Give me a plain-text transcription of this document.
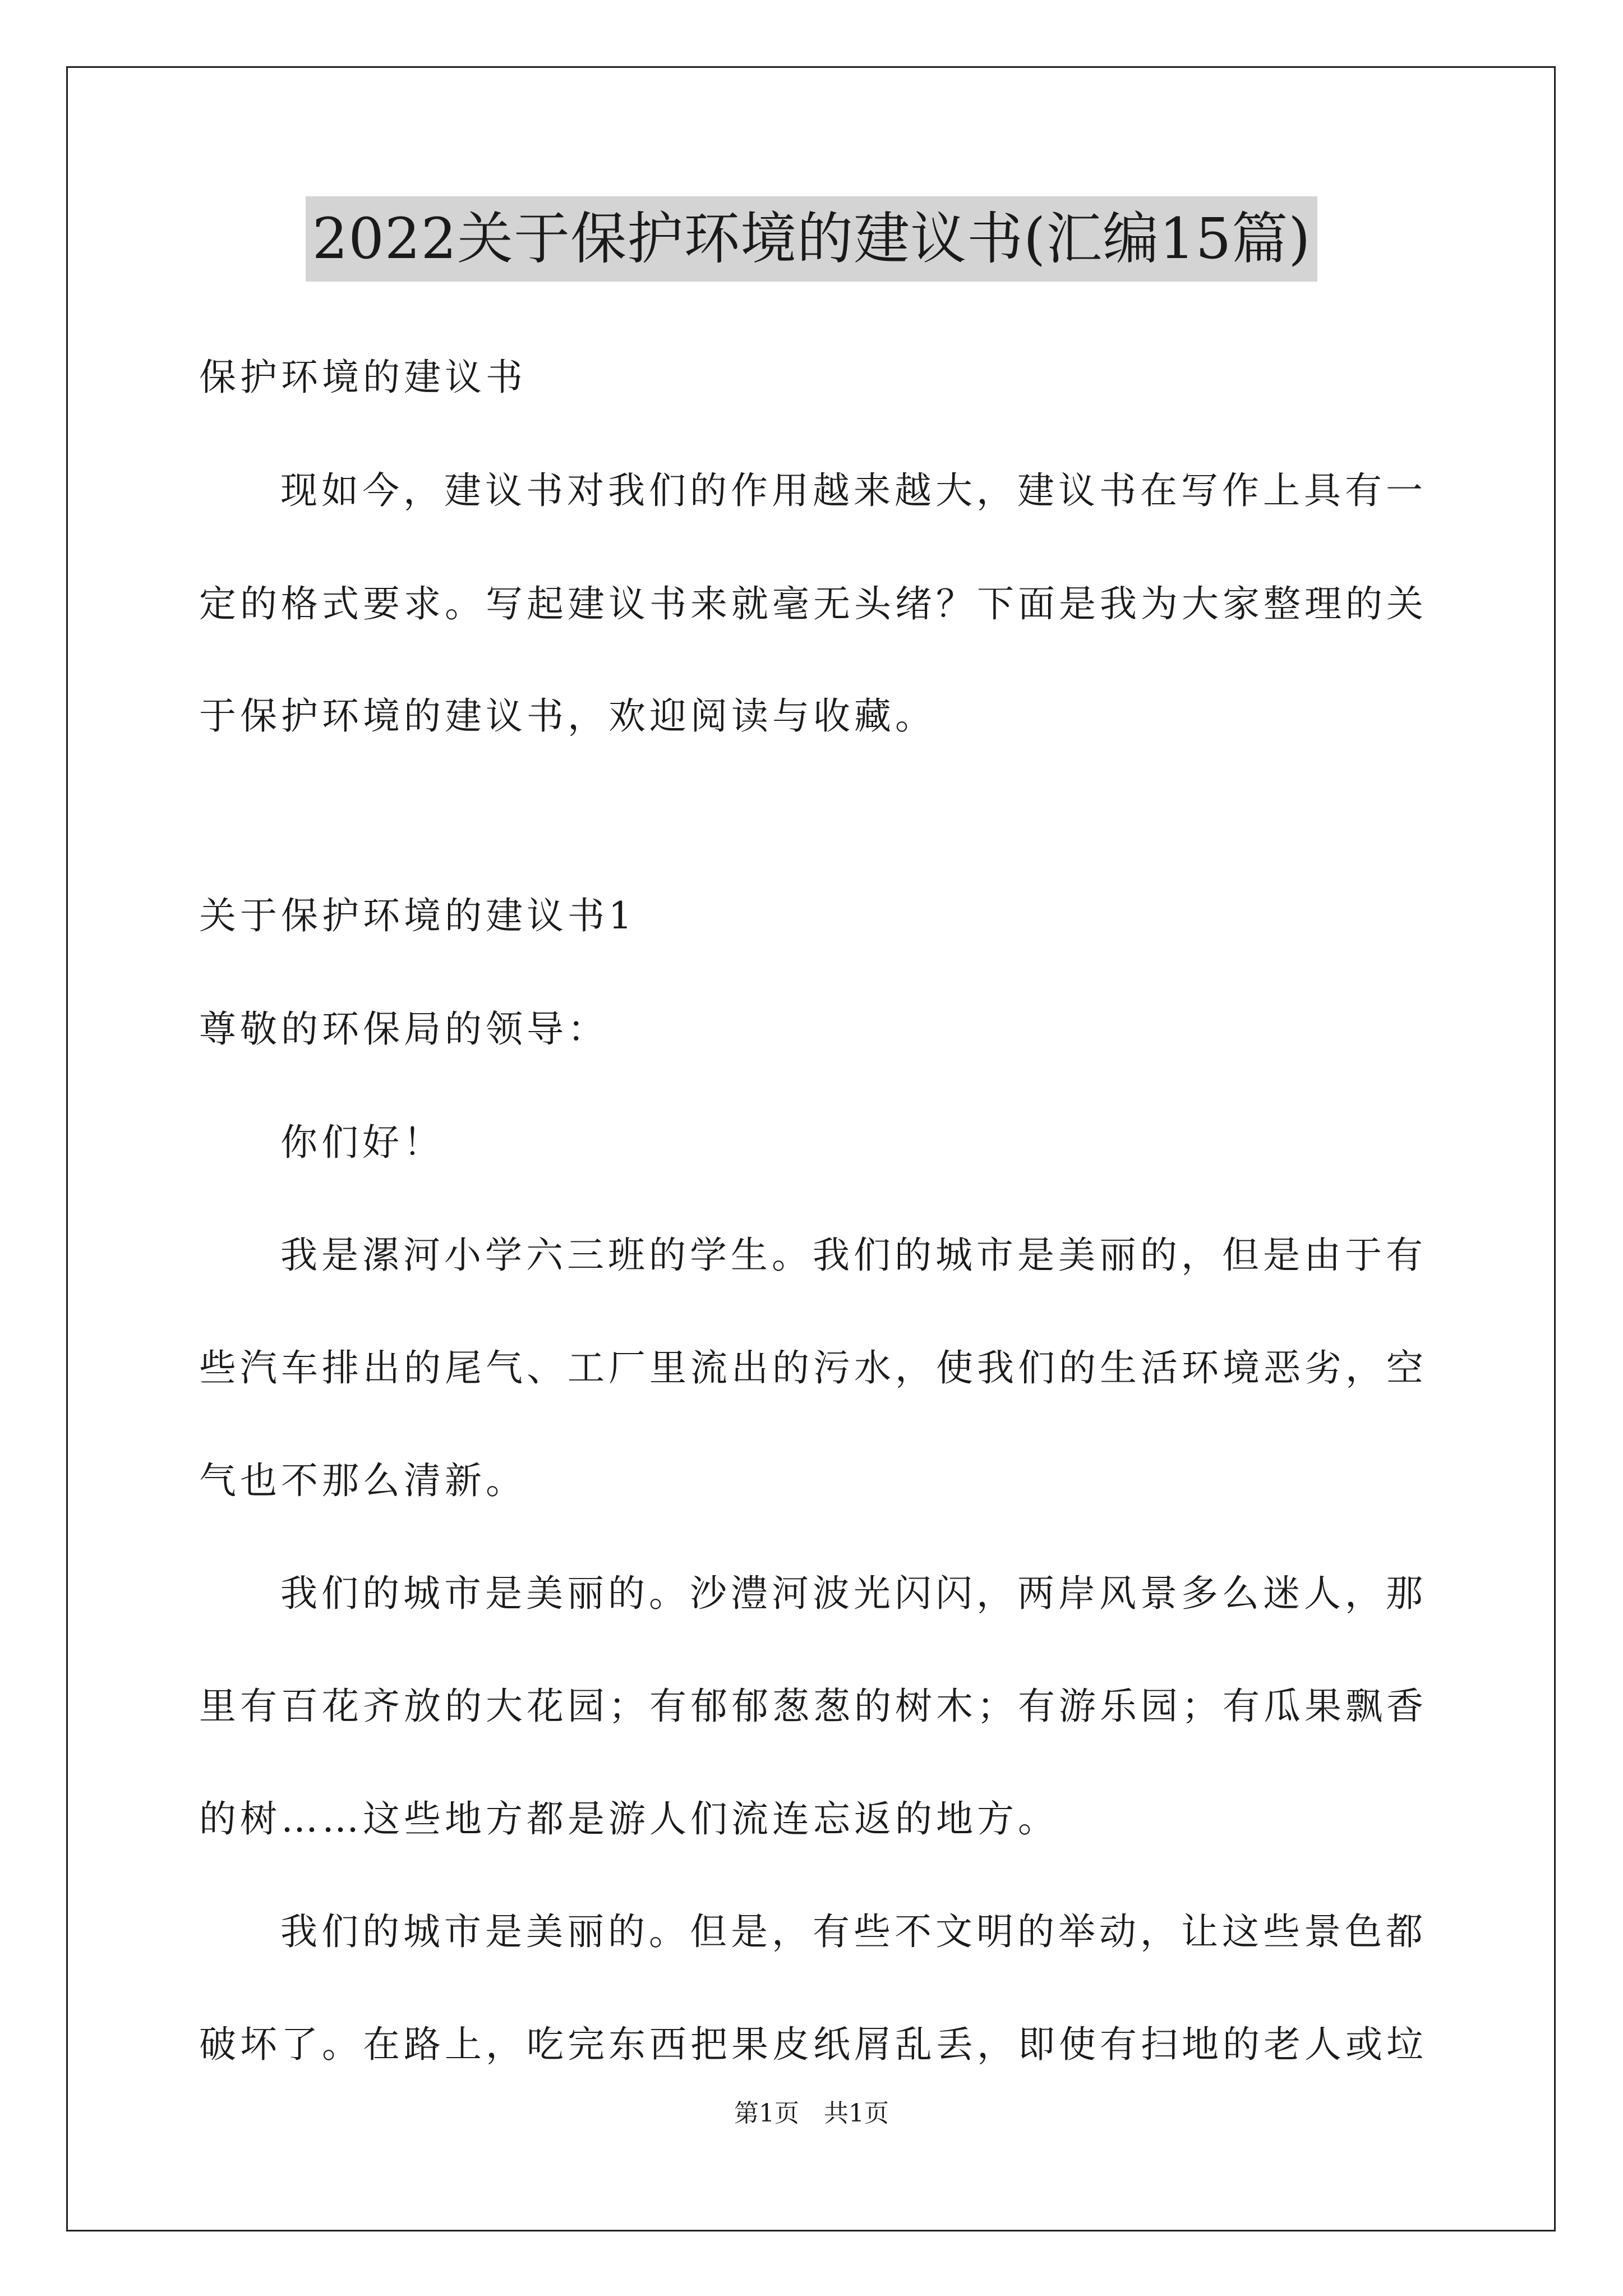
2022关于保护环境的建议书(汇编15篇)
保护环境的建议书
现如今，建议书对我们的作用越来越大，建议书在写作上具有一
定的格式要求。写起建议书来就毫无头绪？下面是我为大家整理的关
于保护环境的建议书，欢迎阅读与收藏。
关于保护环境的建议书1
尊敬的环保局的领导：
你们好！
我是漯河小学六三班的学生。我们的城市是美丽的，但是由于有
些汽车排出的尾气、工厂里流出的污水，使我们的生活环境恶劣，空
气也不那么清新。
我们的城市是美丽的。沙澧河波光闪闪，两岸风景多么迷人，那
里有百花齐放的大花园；有郁郁葱葱的树木；有游乐园；有瓜果飘香
的树……这些地方都是游人们流连忘返的地方。
我们的城市是美丽的。但是，有些不文明的举动，让这些景色都
破坏了。在路上，吃完东西把果皮纸屑乱丢，即使有扫地的老人或垃
第1页　共1页
